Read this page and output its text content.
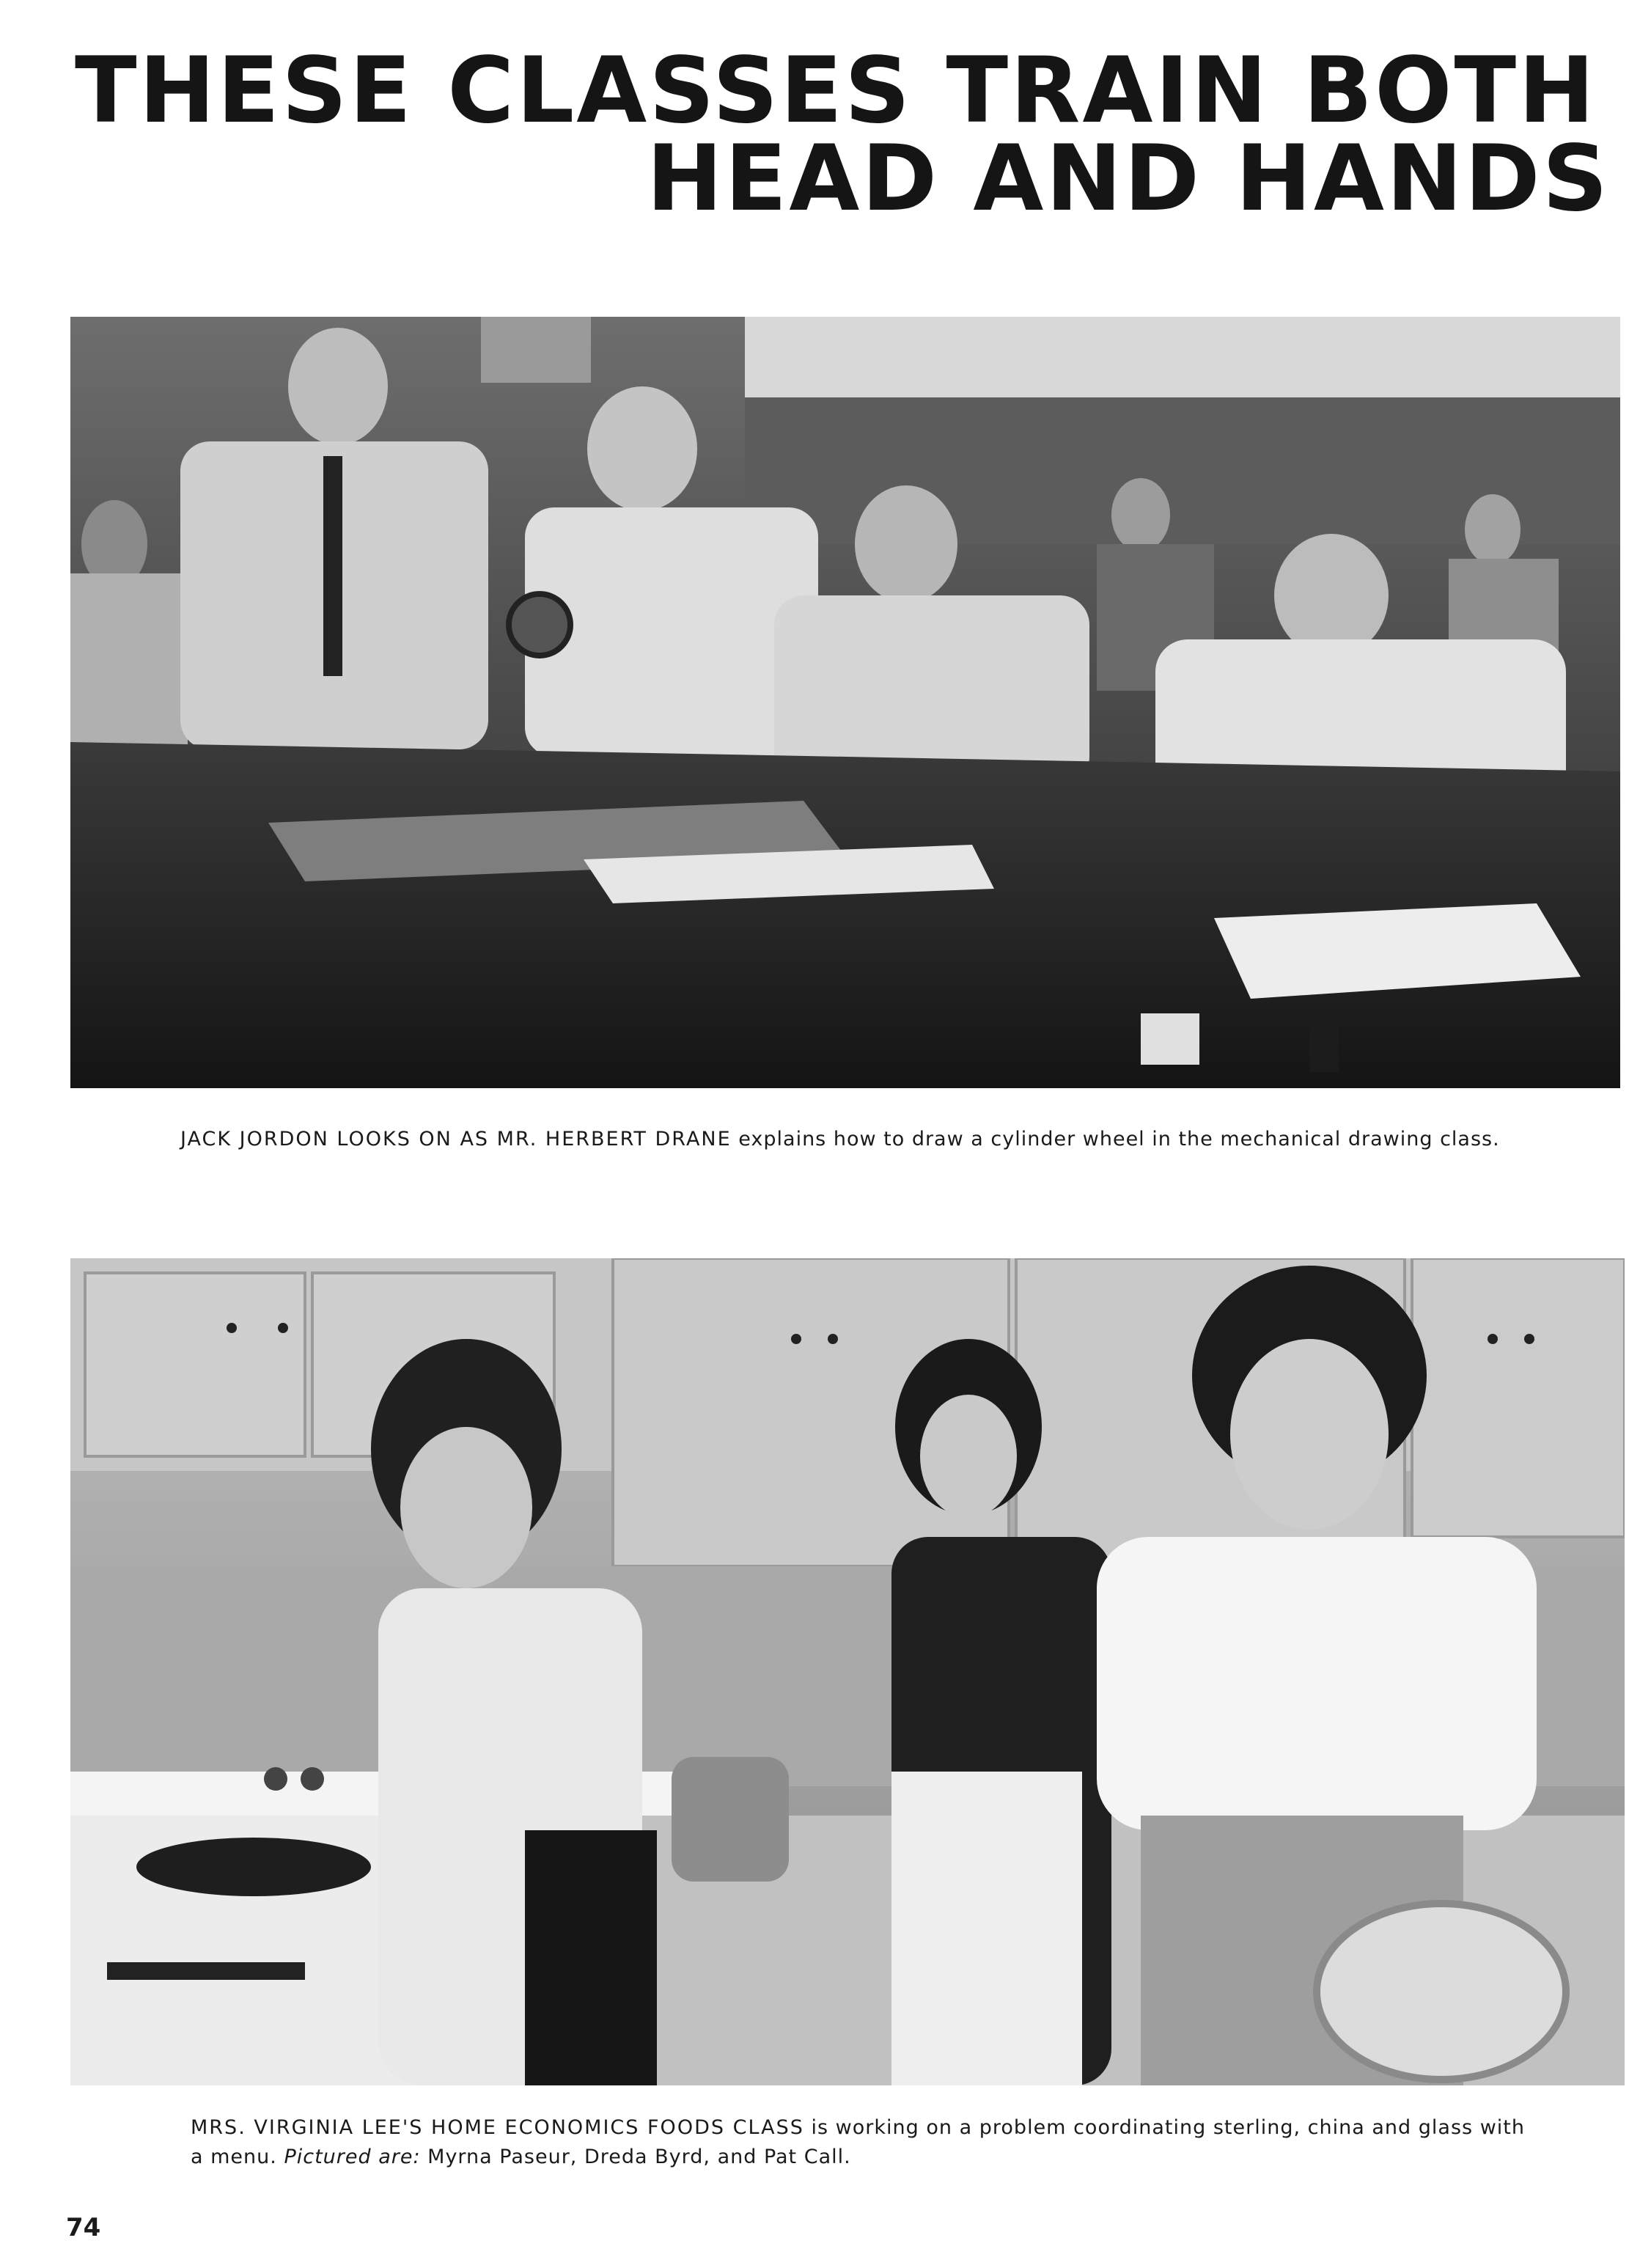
THESE CLASSES TRAIN BOTH
HEAD AND HANDS

JACK JORDON LOOKS ON AS MR. HERBERT DRANE explains how to draw a cylinder wheel in the mechanical drawing class.

MRS. VIRGINIA LEE'S HOME ECONOMICS FOODS CLASS is working on a problem coordinating sterling, china and glass with a menu. Pictured are: Myrna Paseur, Dreda Byrd, and Pat Call.

74
